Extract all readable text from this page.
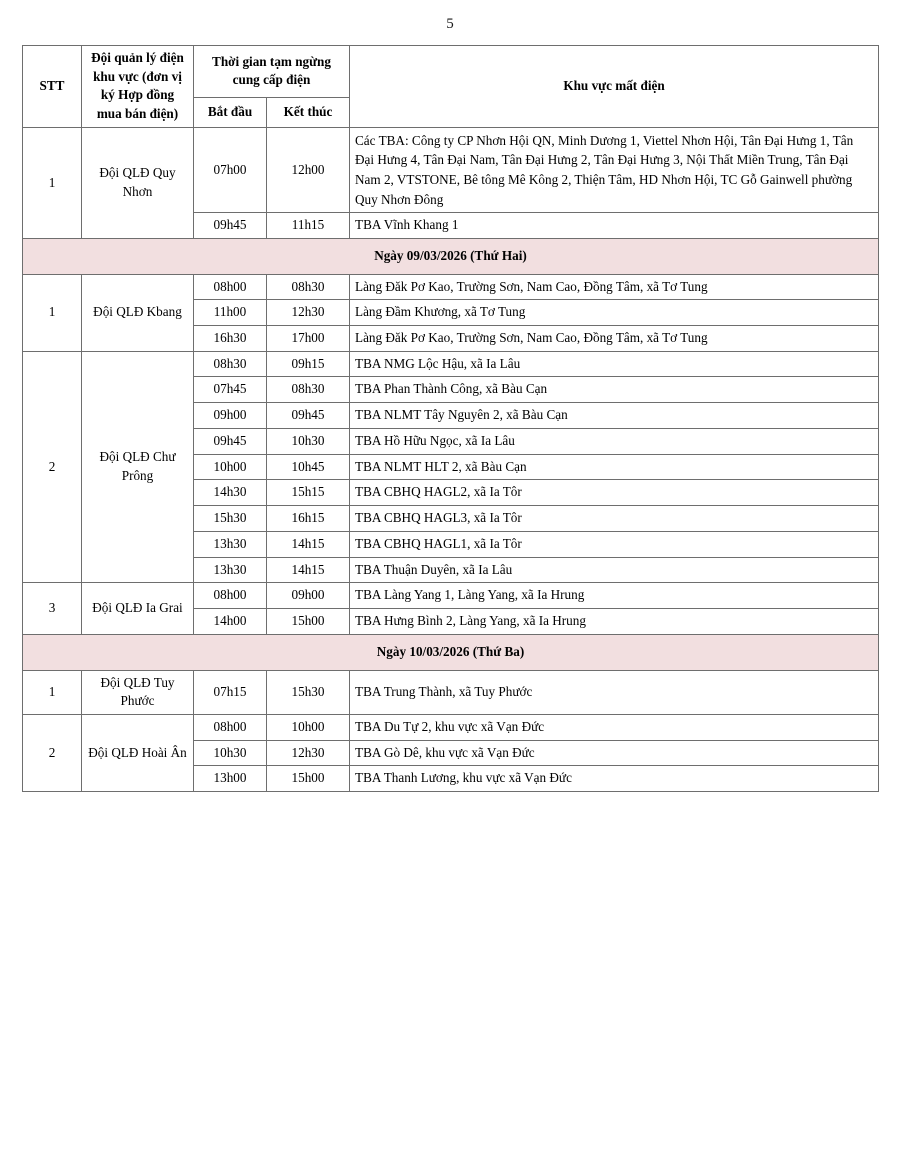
5
STT	Đội quản lý điện khu vực (đơn vị ký Hợp đồng mua bán điện)	Thời gian tạm ngừng cung cấp điện		Khu vực mất điện
		Bắt đầu	Kết thúc	
1	Đội QLĐ Quy Nhơn	07h00	12h00	Các TBA: Công ty CP Nhơn Hội QN, Minh Dương 1, Viettel Nhơn Hội, Tân Đại Hưng 1, Tân Đại Hưng 4, Tân Đại Nam, Tân Đại Hưng 2, Tân Đại Hưng 3, Nội Thất Miền Trung, Tân Đại Nam 2, VTSTONE, Bê tông Mê Kông 2, Thiện Tâm, HD Nhơn Hội, TC Gỗ Gainwell phường Quy Nhơn Đông
		09h45	11h15	TBA Vĩnh Khang 1
Ngày 09/03/2026 (Thứ Hai)				
1	Đội QLĐ Kbang	08h00	08h30	Làng Đăk Pơ Kao, Trường Sơn, Nam Cao, Đồng Tâm, xã Tơ Tung
		11h00	12h30	Làng Đầm Khương, xã Tơ Tung
		16h30	17h00	Làng Đăk Pơ Kao, Trường Sơn, Nam Cao, Đồng Tâm, xã Tơ Tung
2	Đội QLĐ Chư Prông	08h30	09h15	TBA NMG Lộc Hậu, xã Ia Lâu
		07h45	08h30	TBA Phan Thành Công, xã Bàu Cạn
		09h00	09h45	TBA NLMT Tây Nguyên 2, xã Bàu Cạn
		09h45	10h30	TBA Hồ Hữu Ngọc, xã Ia Lâu
		10h00	10h45	TBA NLMT HLT 2, xã Bàu Cạn
		14h30	15h15	TBA CBHQ HAGL2, xã Ia Tôr
		15h30	16h15	TBA CBHQ HAGL3, xã Ia Tôr
		13h30	14h15	TBA CBHQ HAGL1, xã Ia Tôr
		13h30	14h15	TBA Thuận Duyên, xã Ia Lâu
3	Đội QLĐ Ia Grai	08h00	09h00	TBA Làng Yang 1, Làng Yang, xã Ia Hrung
		14h00	15h00	TBA Hưng Bình 2, Làng Yang, xã Ia Hrung
Ngày 10/03/2026 (Thứ Ba)				
1	Đội QLĐ Tuy Phước	07h15	15h30	TBA Trung Thành, xã Tuy Phước
2	Đội QLĐ Hoài Ân	08h00	10h00	TBA Du Tự 2, khu vực xã Vạn Đức
		10h30	12h30	TBA Gò Dê, khu vực xã Vạn Đức
		13h00	15h00	TBA Thanh Lương, khu vực xã Vạn Đức
